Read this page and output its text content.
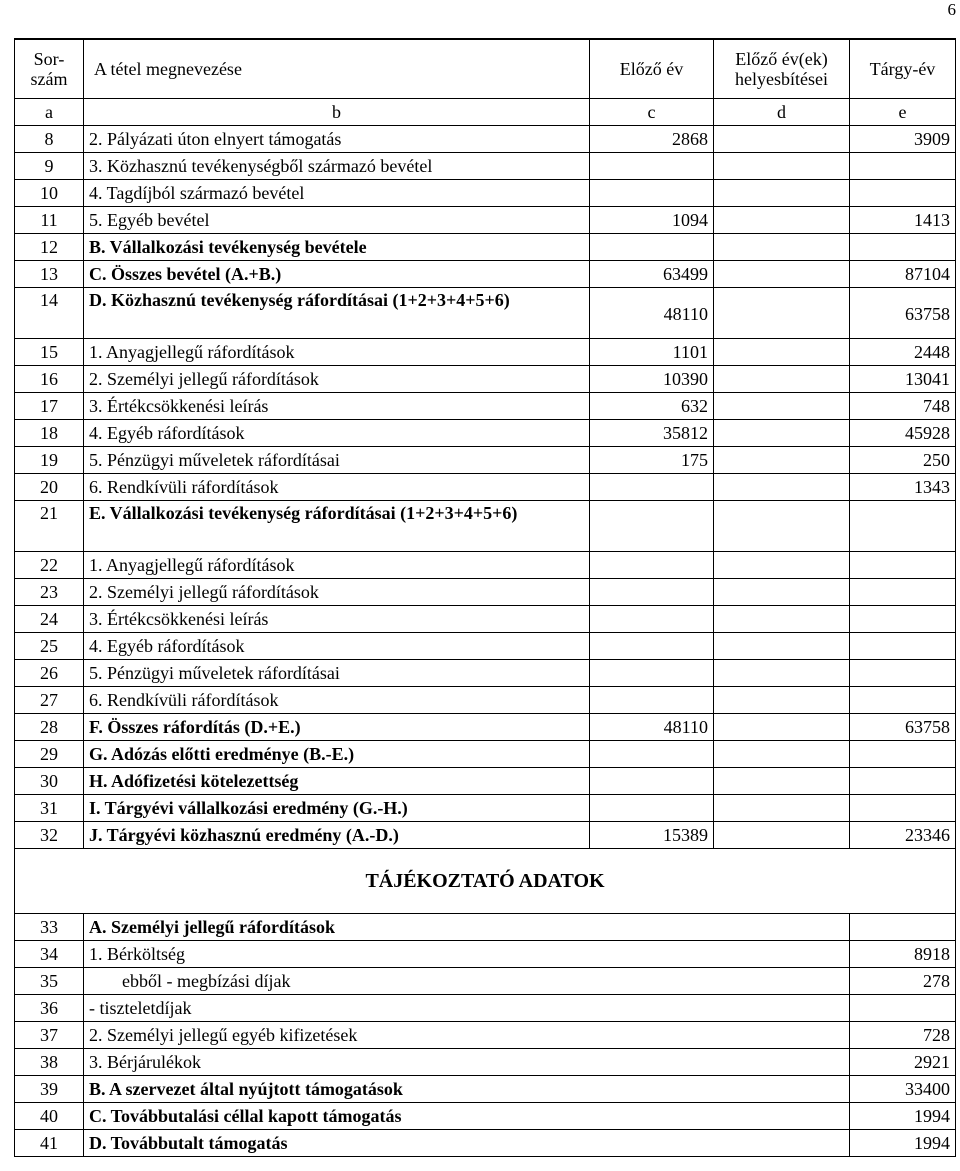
6
Sor-szám	A tétel megnevezése	Előző év	Előző év(ek) helyesbítései	Tárgy-év
a	b	c	d	e
8	2. Pályázati úton elnyert támogatás	2868		3909
9	3. Közhasznú tevékenységből származó bevétel			
10	4. Tagdíjból származó bevétel			
11	5. Egyéb bevétel	1094		1413
12	B. Vállalkozási tevékenység bevétele			
13	C. Összes bevétel (A.+B.)	63499		87104
14	D. Közhasznú tevékenység ráfordításai (1+2+3+4+5+6)	48110		63758
15	1. Anyagjellegű ráfordítások	1101		2448
16	2. Személyi jellegű ráfordítások	10390		13041
17	3. Értékcsökkenési leírás	632		748
18	4. Egyéb ráfordítások	35812		45928
19	5. Pénzügyi műveletek ráfordításai	175		250
20	6. Rendkívüli ráfordítások			1343
21	E. Vállalkozási tevékenység ráfordításai (1+2+3+4+5+6)			
22	1. Anyagjellegű ráfordítások			
23	2. Személyi jellegű ráfordítások			
24	3. Értékcsökkenési leírás			
25	4. Egyéb ráfordítások			
26	5. Pénzügyi műveletek ráfordításai			
27	6. Rendkívüli ráfordítások			
28	F. Összes ráfordítás (D.+E.)	48110		63758
29	G. Adózás előtti eredménye (B.-E.)			
30	H. Adófizetési kötelezettség			
31	I. Tárgyévi vállalkozási eredmény (G.-H.)			
32	J. Tárgyévi közhasznú eredmény (A.-D.)	15389		23346
TÁJÉKOZTATÓ ADATOK				
33	A. Személyi jellegű ráfordítások			
34	1. Bérköltség			8918
35	ebből - megbízási díjak			278
36	- tiszteletdíjak			
37	2. Személyi jellegű egyéb kifizetések			728
38	3. Bérjárulékok			2921
39	B. A szervezet által nyújtott támogatások			33400
40	C. Továbbutalási céllal kapott támogatás			1994
41	D. Továbbutalt támogatás			1994
